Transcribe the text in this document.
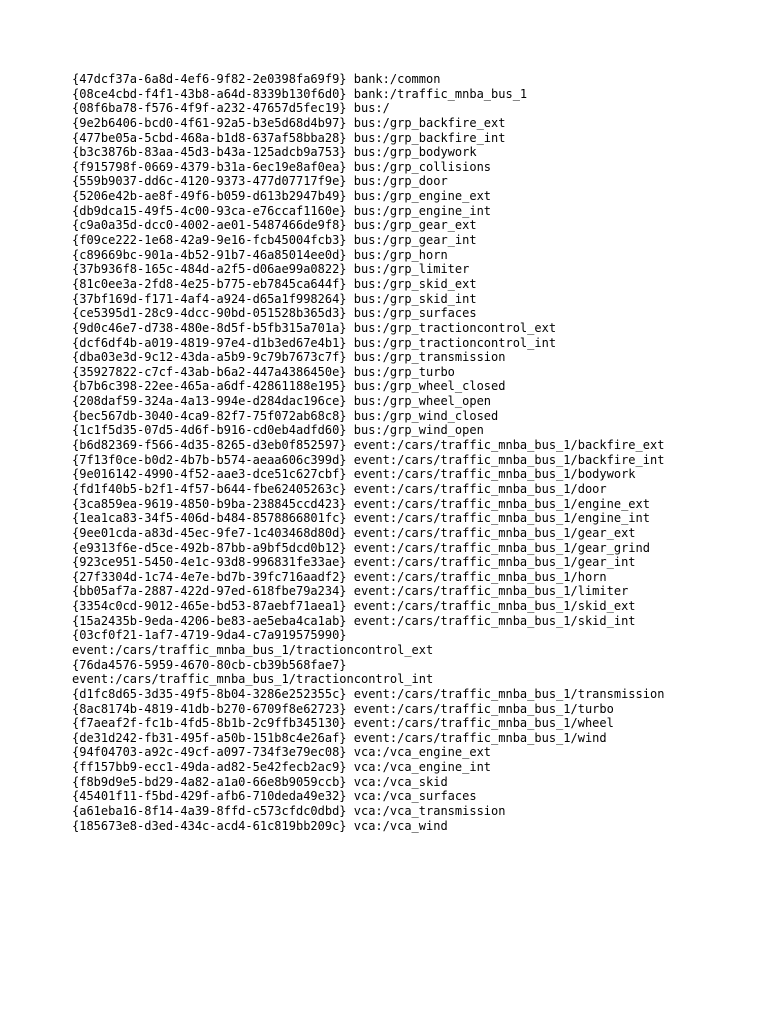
{47dcf37a-6a8d-4ef6-9f82-2e0398fa69f9} bank:/common
{08ce4cbd-f4f1-43b8-a64d-8339b130f6d0} bank:/traffic_mnba_bus_1
{08f6ba78-f576-4f9f-a232-47657d5fec19} bus:/
{9e2b6406-bcd0-4f61-92a5-b3e5d68d4b97} bus:/grp_backfire_ext
{477be05a-5cbd-468a-b1d8-637af58bba28} bus:/grp_backfire_int
{b3c3876b-83aa-45d3-b43a-125adcb9a753} bus:/grp_bodywork
{f915798f-0669-4379-b31a-6ec19e8af0ea} bus:/grp_collisions
{559b9037-dd6c-4120-9373-477d07717f9e} bus:/grp_door
{5206e42b-ae8f-49f6-b059-d613b2947b49} bus:/grp_engine_ext
{db9dca15-49f5-4c00-93ca-e76ccaf1160e} bus:/grp_engine_int
{c9a0a35d-dcc0-4002-ae01-5487466de9f8} bus:/grp_gear_ext
{f09ce222-1e68-42a9-9e16-fcb45004fcb3} bus:/grp_gear_int
{c89669bc-901a-4b52-91b7-46a85014ee0d} bus:/grp_horn
{37b936f8-165c-484d-a2f5-d06ae99a0822} bus:/grp_limiter
{81c0ee3a-2fd8-4e25-b775-eb7845ca644f} bus:/grp_skid_ext
{37bf169d-f171-4af4-a924-d65a1f998264} bus:/grp_skid_int
{ce5395d1-28c9-4dcc-90bd-051528b365d3} bus:/grp_surfaces
{9d0c46e7-d738-480e-8d5f-b5fb315a701a} bus:/grp_tractioncontrol_ext
{dcf6df4b-a019-4819-97e4-d1b3ed67e4b1} bus:/grp_tractioncontrol_int
{dba03e3d-9c12-43da-a5b9-9c79b7673c7f} bus:/grp_transmission
{35927822-c7cf-43ab-b6a2-447a4386450e} bus:/grp_turbo
{b7b6c398-22ee-465a-a6df-42861188e195} bus:/grp_wheel_closed
{208daf59-324a-4a13-994e-d284dac196ce} bus:/grp_wheel_open
{bec567db-3040-4ca9-82f7-75f072ab68c8} bus:/grp_wind_closed
{1c1f5d35-07d5-4d6f-b916-cd0eb4adfd60} bus:/grp_wind_open
{b6d82369-f566-4d35-8265-d3eb0f852597} event:/cars/traffic_mnba_bus_1/backfire_ext
{7f13f0ce-b0d2-4b7b-b574-aeaa606c399d} event:/cars/traffic_mnba_bus_1/backfire_int
{9e016142-4990-4f52-aae3-dce51c627cbf} event:/cars/traffic_mnba_bus_1/bodywork
{fd1f40b5-b2f1-4f57-b644-fbe62405263c} event:/cars/traffic_mnba_bus_1/door
{3ca859ea-9619-4850-b9ba-238845ccd423} event:/cars/traffic_mnba_bus_1/engine_ext
{1ea1ca83-34f5-406d-b484-8578866801fc} event:/cars/traffic_mnba_bus_1/engine_int
{9ee01cda-a83d-45ec-9fe7-1c403468d80d} event:/cars/traffic_mnba_bus_1/gear_ext
{e9313f6e-d5ce-492b-87bb-a9bf5dcd0b12} event:/cars/traffic_mnba_bus_1/gear_grind
{923ce951-5450-4e1c-93d8-996831fe33ae} event:/cars/traffic_mnba_bus_1/gear_int
{27f3304d-1c74-4e7e-bd7b-39fc716aadf2} event:/cars/traffic_mnba_bus_1/horn
{bb05af7a-2887-422d-97ed-618fbe79a234} event:/cars/traffic_mnba_bus_1/limiter
{3354c0cd-9012-465e-bd53-87aebf71aea1} event:/cars/traffic_mnba_bus_1/skid_ext
{15a2435b-9eda-4206-be83-ae5eba4ca1ab} event:/cars/traffic_mnba_bus_1/skid_int
{03cf0f21-1af7-4719-9da4-c7a919575990}
event:/cars/traffic_mnba_bus_1/tractioncontrol_ext
{76da4576-5959-4670-80cb-cb39b568fae7}
event:/cars/traffic_mnba_bus_1/tractioncontrol_int
{d1fc8d65-3d35-49f5-8b04-3286e252355c} event:/cars/traffic_mnba_bus_1/transmission
{8ac8174b-4819-41db-b270-6709f8e62723} event:/cars/traffic_mnba_bus_1/turbo
{f7aeaf2f-fc1b-4fd5-8b1b-2c9ffb345130} event:/cars/traffic_mnba_bus_1/wheel
{de31d242-fb31-495f-a50b-151b8c4e26af} event:/cars/traffic_mnba_bus_1/wind
{94f04703-a92c-49cf-a097-734f3e79ec08} vca:/vca_engine_ext
{ff157bb9-ecc1-49da-ad82-5e42fecb2ac9} vca:/vca_engine_int
{f8b9d9e5-bd29-4a82-a1a0-66e8b9059ccb} vca:/vca_skid
{45401f11-f5bd-429f-afb6-710deda49e32} vca:/vca_surfaces
{a61eba16-8f14-4a39-8ffd-c573cfdc0dbd} vca:/vca_transmission
{185673e8-d3ed-434c-acd4-61c819bb209c} vca:/vca_wind
